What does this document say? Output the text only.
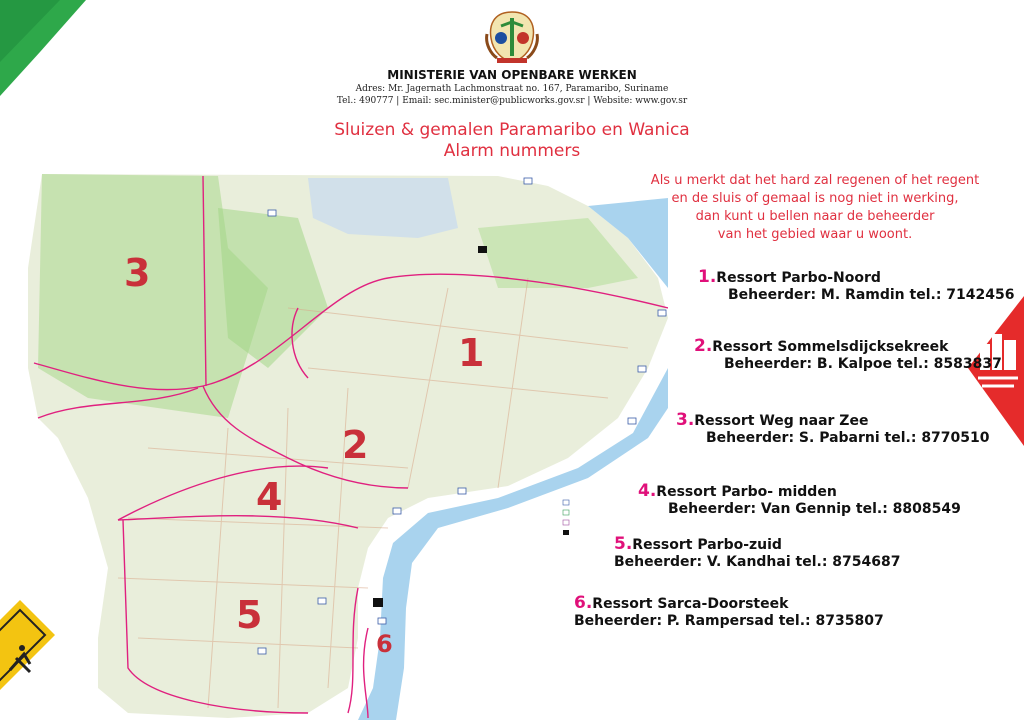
MINISTERIE VAN OPENBARE WERKEN
Adres: Mr. Jagernath Lachmonstraat no. 167, Paramaribo, Suriname
Tel.: 490777 | Email: sec.minister@publicworks.gov.sr | Website: www.gov.sr
Sluizen & gemalen Paramaribo en Wanica
Alarm nummers
Als u merkt dat het hard zal regenen of het regent
en de sluis of gemaal is nog niet in werking,
dan kunt u bellen naar de beheerder
van het gebied waar u woont.
1
2
3
4
5
6
1.Ressort Parbo-Noord
Beheerder: M. Ramdin tel.: 7142456
2.Ressort Sommelsdijcksekreek
Beheerder: B. Kalpoe tel.: 8583837
3.Ressort Weg naar Zee
Beheerder: S. Pabarni tel.: 8770510
4.Ressort Parbo- midden
Beheerder: Van Gennip tel.: 8808549
5.Ressort Parbo-zuid
Beheerder: V. Kandhai tel.: 8754687
6.Ressort Sarca-Doorsteek
Beheerder: P. Rampersad tel.: 8735807
